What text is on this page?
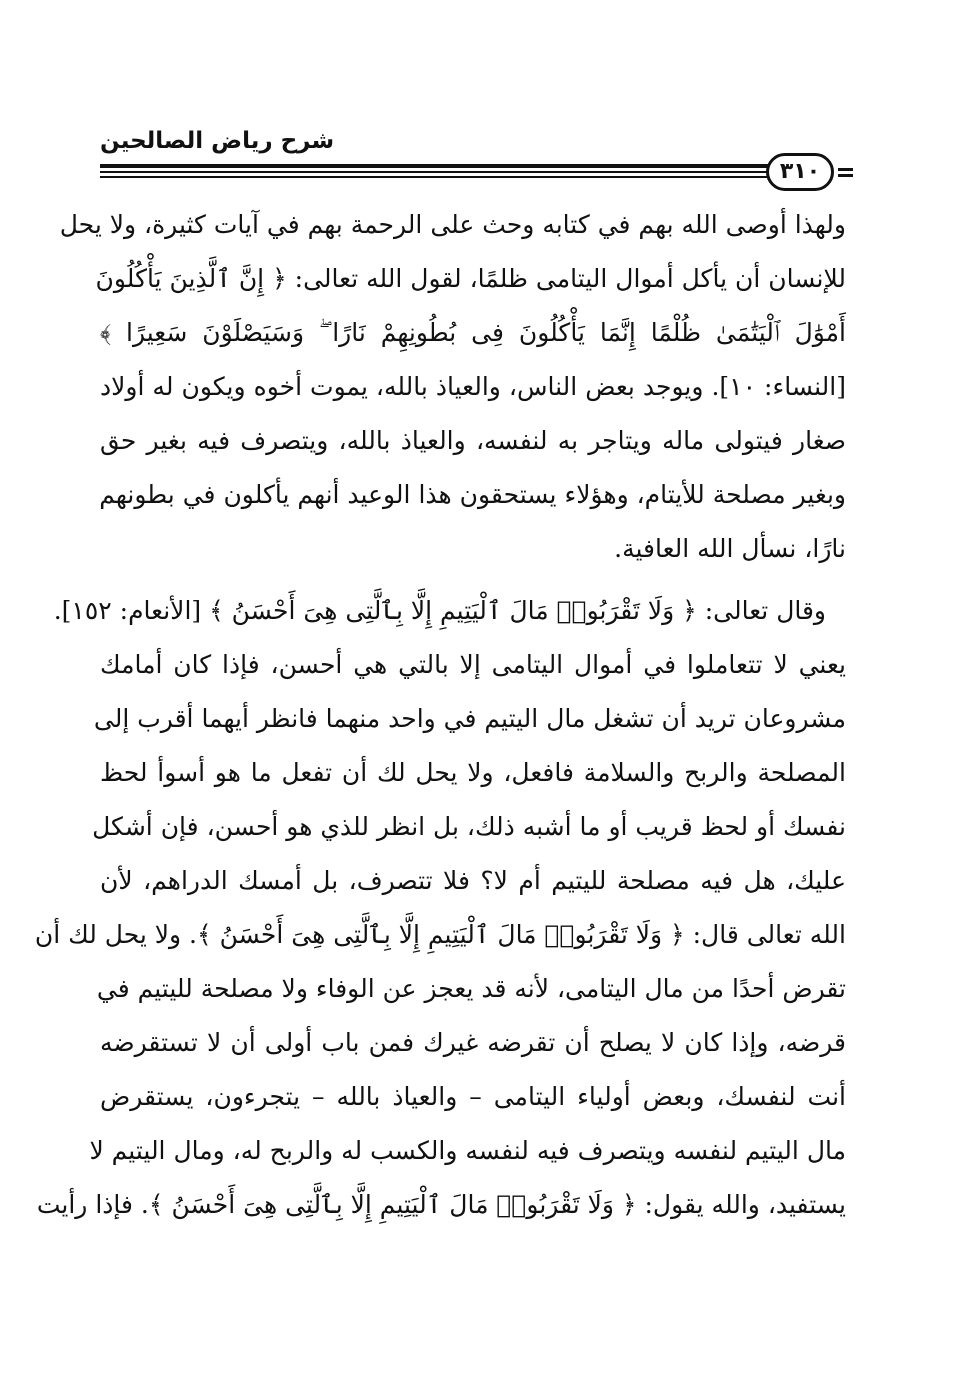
شرح رياض الصالحين
٣١٠
ولهذا أوصى الله بهم في كتابه وحث على الرحمة بهم في آيات كثيرة، ولا يحل
للإنسان أن يأكل أموال اليتامى ظلمًا، لقول الله تعالى: ﴿ إِنَّ ٱلَّذِينَ يَأْكُلُونَ
أَمْوَٰلَ ٱلْيَتَٰمَىٰ ظُلْمًا إِنَّمَا يَأْكُلُونَ فِى بُطُونِهِمْ نَارًا ۖ وَسَيَصْلَوْنَ سَعِيرًا ﴾
[النساء: ١٠]. ويوجد بعض الناس، والعياذ بالله، يموت أخوه ويكون له أولاد
صغار فيتولى ماله ويتاجر به لنفسه، والعياذ بالله، ويتصرف فيه بغير حق
وبغير مصلحة للأيتام، وهؤلاء يستحقون هذا الوعيد أنهم يأكلون في بطونهم
نارًا، نسأل الله العافية.
وقال تعالى: ﴿ وَلَا تَقْرَبُوا۟ مَالَ ٱلْيَتِيمِ إِلَّا بِٱلَّتِى هِىَ أَحْسَنُ ﴾ [الأنعام: ١٥٢].
يعني لا تتعاملوا في أموال اليتامى إلا بالتي هي أحسن، فإذا كان أمامك
مشروعان تريد أن تشغل مال اليتيم في واحد منهما فانظر أيهما أقرب إلى
المصلحة والربح والسلامة فافعل، ولا يحل لك أن تفعل ما هو أسوأ لحظ
نفسك أو لحظ قريب أو ما أشبه ذلك، بل انظر للذي هو أحسن، فإن أشكل
عليك، هل فيه مصلحة لليتيم أم لا؟ فلا تتصرف، بل أمسك الدراهم، لأن
الله تعالى قال: ﴿ وَلَا تَقْرَبُوا۟ مَالَ ٱلْيَتِيمِ إِلَّا بِٱلَّتِى هِىَ أَحْسَنُ ﴾. ولا يحل لك أن
تقرض أحدًا من مال اليتامى، لأنه قد يعجز عن الوفاء ولا مصلحة لليتيم في
قرضه، وإذا كان لا يصلح أن تقرضه غيرك فمن باب أولى أن لا تستقرضه
أنت لنفسك، وبعض أولياء اليتامى – والعياذ بالله – يتجرءون، يستقرض
مال اليتيم لنفسه ويتصرف فيه لنفسه والكسب له والربح له، ومال اليتيم لا
يستفيد، والله يقول: ﴿ وَلَا تَقْرَبُوا۟ مَالَ ٱلْيَتِيمِ إِلَّا بِٱلَّتِى هِىَ أَحْسَنُ ﴾. فإذا رأيت
